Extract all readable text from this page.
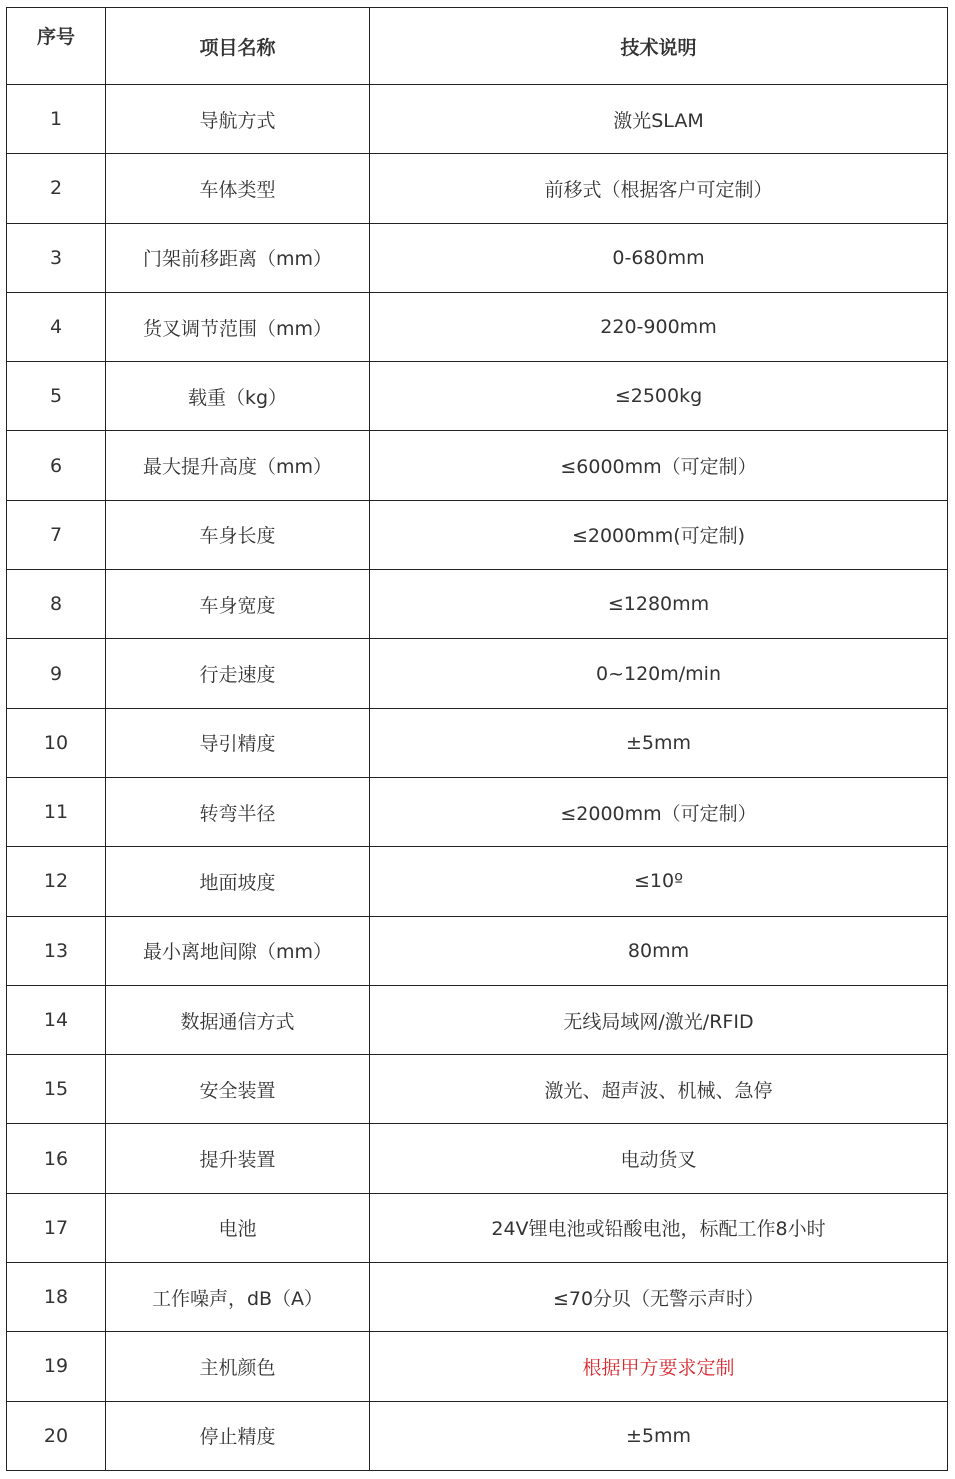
序号	项目名称	技术说明
1	导航方式	激光SLAM
2	车体类型	前移式（根据客户可定制）
3	门架前移距离（mm）	0-680mm
4	货叉调节范围（mm）	220-900mm
5	载重（kg）	≤2500kg
6	最大提升高度（mm）	≤6000mm（可定制）
7	车身长度	≤2000mm(可定制)
8	车身宽度	≤1280mm
9	行走速度	0~120m/min
10	导引精度	±5mm
11	转弯半径	≤2000mm（可定制）
12	地面坡度	≤10º
13	最小离地间隙（mm）	80mm
14	数据通信方式	无线局域网/激光/RFID
15	安全装置	激光、超声波、机械、急停
16	提升装置	电动货叉
17	电池	24V锂电池或铅酸电池，标配工作8小时
18	工作噪声，dB（A）	≤70分贝（无警示声时）
19	主机颜色	根据甲方要求定制
20	停止精度	±5mm
